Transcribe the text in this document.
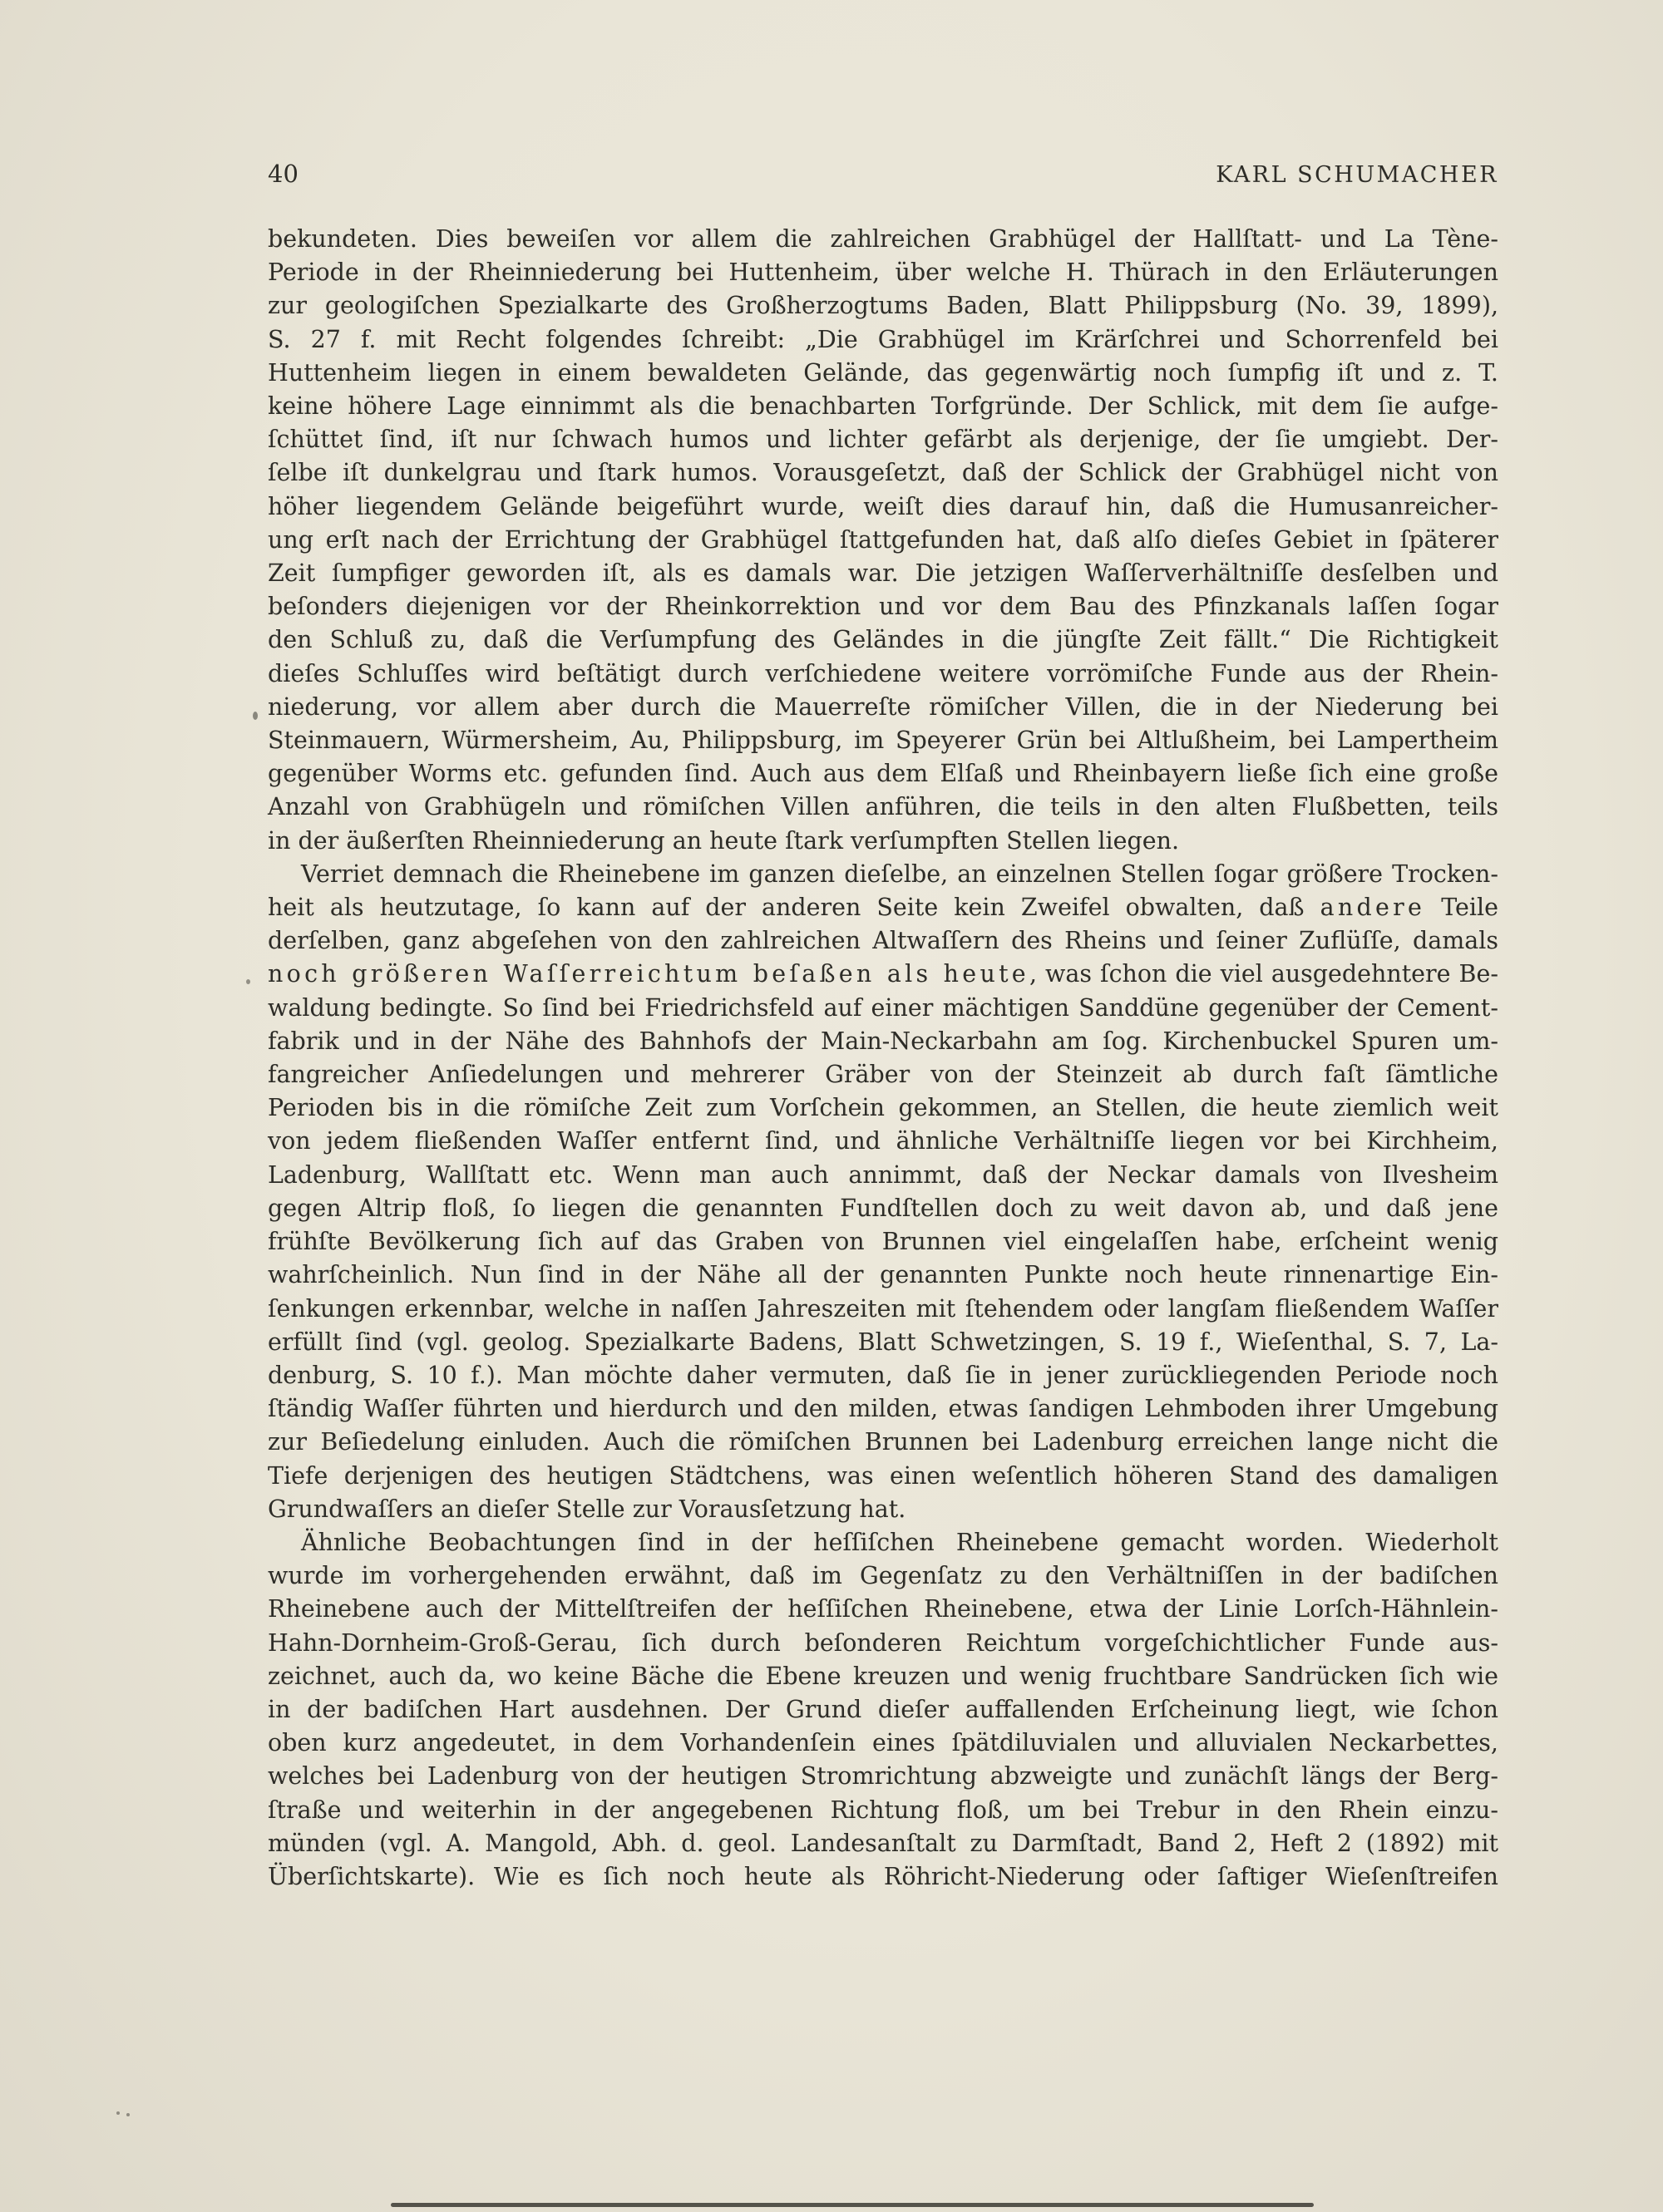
40	KARL SCHUMACHER
bekundeten. Dies beweiſen vor allem die zahlreichen Grabhügel der Hallſtatt- und La Tène-
Periode in der Rheinniederung bei Huttenheim, über welche H. Thürach in den Erläuterungen
zur geologiſchen Spezialkarte des Großherzogtums Baden, Blatt Philippsburg (No. 39, 1899),
S. 27 f. mit Recht folgendes ſchreibt: „Die Grabhügel im Krärſchrei und Schorrenfeld bei
Huttenheim liegen in einem bewaldeten Gelände, das gegenwärtig noch ſumpfig iſt und z. T.
keine höhere Lage einnimmt als die benachbarten Torfgründe. Der Schlick, mit dem ſie aufge-
ſchüttet ſind, iſt nur ſchwach humos und lichter gefärbt als derjenige, der ſie umgiebt. Der-
ſelbe iſt dunkelgrau und ſtark humos. Vorausgeſetzt, daß der Schlick der Grabhügel nicht von
höher liegendem Gelände beigeführt wurde, weiſt dies darauf hin, daß die Humusanreicher-
ung erſt nach der Errichtung der Grabhügel ſtattgefunden hat, daß alſo dieſes Gebiet in ſpäterer
Zeit ſumpfiger geworden iſt, als es damals war. Die jetzigen Waſſerverhältniſſe desſelben und
beſonders diejenigen vor der Rheinkorrektion und vor dem Bau des Pfinzkanals laſſen ſogar
den Schluß zu, daß die Verſumpfung des Geländes in die jüngſte Zeit fällt.“ Die Richtigkeit
dieſes Schluſſes wird beſtätigt durch verſchiedene weitere vorrömiſche Funde aus der Rhein-
niederung, vor allem aber durch die Mauerreſte römiſcher Villen, die in der Niederung bei
Steinmauern, Würmersheim, Au, Philippsburg, im Speyerer Grün bei Altlußheim, bei Lampertheim
gegenüber Worms etc. gefunden ſind. Auch aus dem Elſaß und Rheinbayern ließe ſich eine große
Anzahl von Grabhügeln und römiſchen Villen anführen, die teils in den alten Flußbetten, teils
in der äußerſten Rheinniederung an heute ſtark verſumpften Stellen liegen.
Verriet demnach die Rheinebene im ganzen dieſelbe, an einzelnen Stellen ſogar größere Trocken-
heit als heutzutage, ſo kann auf der anderen Seite kein Zweifel obwalten, daß andere Teile
derſelben, ganz abgeſehen von den zahlreichen Altwaſſern des Rheins und ſeiner Zuflüſſe, damals
noch größeren Waſſerreichtum beſaßen als heute, was ſchon die viel ausgedehntere Be-
waldung bedingte. So ſind bei Friedrichsfeld auf einer mächtigen Sanddüne gegenüber der Cement-
fabrik und in der Nähe des Bahnhofs der Main-Neckarbahn am ſog. Kirchenbuckel Spuren um-
fangreicher Anſiedelungen und mehrerer Gräber von der Steinzeit ab durch faſt ſämtliche
Perioden bis in die römiſche Zeit zum Vorſchein gekommen, an Stellen, die heute ziemlich weit
von jedem fließenden Waſſer entfernt ſind, und ähnliche Verhältniſſe liegen vor bei Kirchheim,
Ladenburg, Wallſtatt etc. Wenn man auch annimmt, daß der Neckar damals von Ilvesheim
gegen Altrip floß, ſo liegen die genannten Fundſtellen doch zu weit davon ab, und daß jene
frühſte Bevölkerung ſich auf das Graben von Brunnen viel eingelaſſen habe, erſcheint wenig
wahrſcheinlich. Nun ſind in der Nähe all der genannten Punkte noch heute rinnenartige Ein-
ſenkungen erkennbar, welche in naſſen Jahreszeiten mit ſtehendem oder langſam fließendem Waſſer
erfüllt ſind (vgl. geolog. Spezialkarte Badens, Blatt Schwetzingen, S. 19 f., Wieſenthal, S. 7, La-
denburg, S. 10 f.). Man möchte daher vermuten, daß ſie in jener zurückliegenden Periode noch
ſtändig Waſſer führten und hierdurch und den milden, etwas ſandigen Lehmboden ihrer Umgebung
zur Beſiedelung einluden. Auch die römiſchen Brunnen bei Ladenburg erreichen lange nicht die
Tiefe derjenigen des heutigen Städtchens, was einen weſentlich höheren Stand des damaligen
Grundwaſſers an dieſer Stelle zur Vorausſetzung hat.
Ähnliche Beobachtungen ſind in der heſſiſchen Rheinebene gemacht worden. Wiederholt
wurde im vorhergehenden erwähnt, daß im Gegenſatz zu den Verhältniſſen in der badiſchen
Rheinebene auch der Mittelſtreifen der heſſiſchen Rheinebene, etwa der Linie Lorſch-Hähnlein-
Hahn-Dornheim-Groß-Gerau, ſich durch beſonderen Reichtum vorgeſchichtlicher Funde aus-
zeichnet, auch da, wo keine Bäche die Ebene kreuzen und wenig fruchtbare Sandrücken ſich wie
in der badiſchen Hart ausdehnen. Der Grund dieſer auffallenden Erſcheinung liegt, wie ſchon
oben kurz angedeutet, in dem Vorhandenſein eines ſpätdiluvialen und alluvialen Neckarbettes,
welches bei Ladenburg von der heutigen Stromrichtung abzweigte und zunächſt längs der Berg-
ſtraße und weiterhin in der angegebenen Richtung floß, um bei Trebur in den Rhein einzu-
münden (vgl. A. Mangold, Abh. d. geol. Landesanſtalt zu Darmſtadt, Band 2, Heft 2 (1892) mit
Überſichtskarte). Wie es ſich noch heute als Röhricht-Niederung oder ſaftiger Wieſenſtreifen
